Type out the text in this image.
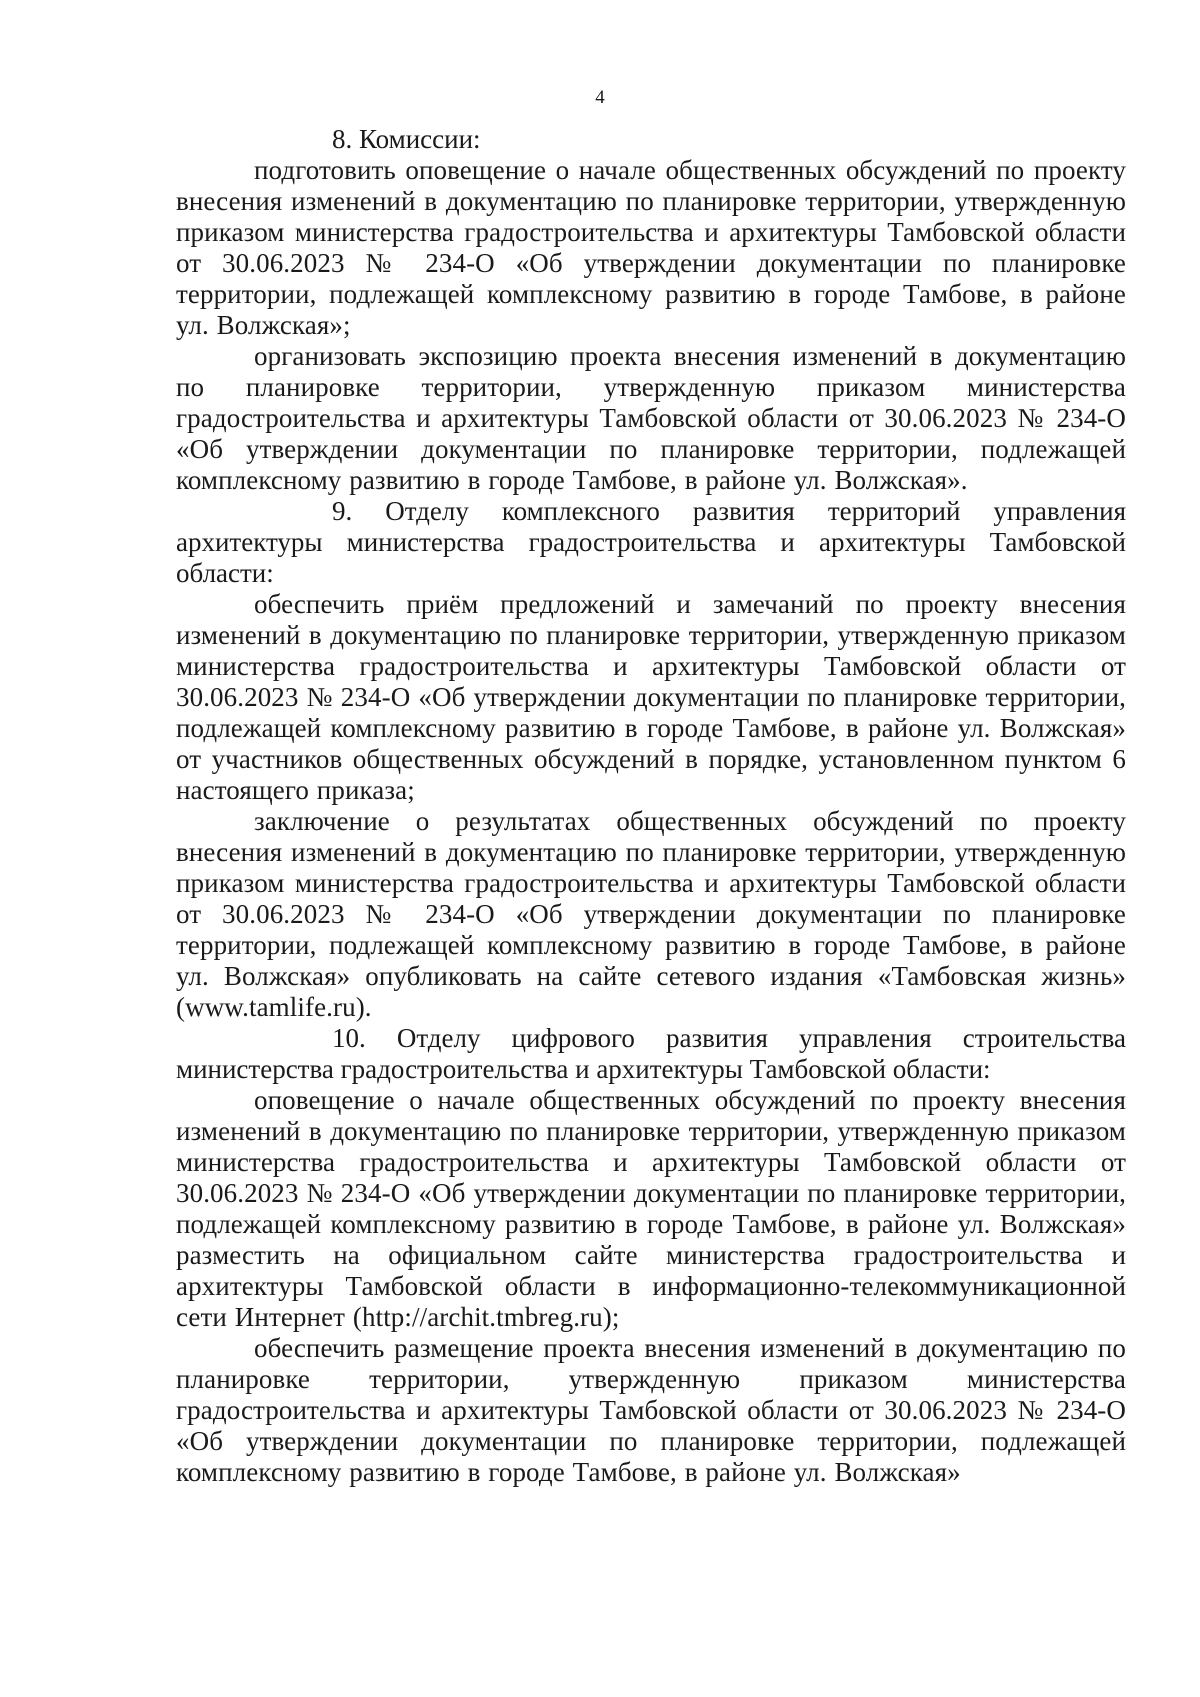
4

8. Комиссии:

подготовить оповещение о начале общественных обсуждений по проекту внесения изменений в документацию по планировке территории, утвержденную приказом министерства градостроительства и архитектуры Тамбовской области от 30.06.2023 № 234-О «Об утверждении документации по планировке территории, подлежащей комплексному развитию в городе Тамбове, в районе ул. Волжская»;

организовать экспозицию проекта внесения изменений в документацию по планировке территории, утвержденную приказом министерства градостроительства и архитектуры Тамбовской области от 30.06.2023 № 234-О «Об утверждении документации по планировке территории, подлежащей комплексному развитию в городе Тамбове, в районе ул. Волжская».

9. Отделу комплексного развития территорий управления архитектуры министерства градостроительства и архитектуры Тамбовской области:

обеспечить приём предложений и замечаний по проекту внесения изменений в документацию по планировке территории, утвержденную приказом министерства градостроительства и архитектуры Тамбовской области от 30.06.2023 № 234-О «Об утверждении документации по планировке территории, подлежащей комплексному развитию в городе Тамбове, в районе ул. Волжская» от участников общественных обсуждений в порядке, установленном пунктом 6 настоящего приказа;

заключение о результатах общественных обсуждений по проекту внесения изменений в документацию по планировке территории, утвержденную приказом министерства градостроительства и архитектуры Тамбовской области от 30.06.2023 № 234-О «Об утверждении документации по планировке территории, подлежащей комплексному развитию в городе Тамбове, в районе ул. Волжская» опубликовать на сайте сетевого издания «Тамбовская жизнь» (www.tamlife.ru).

10. Отделу цифрового развития управления строительства министерства градостроительства и архитектуры Тамбовской области:

оповещение о начале общественных обсуждений по проекту внесения изменений в документацию по планировке территории, утвержденную приказом министерства градостроительства и архитектуры Тамбовской области от 30.06.2023 № 234-О «Об утверждении документации по планировке территории, подлежащей комплексному развитию в городе Тамбове, в районе ул. Волжская» разместить на официальном сайте министерства градостроительства и архитектуры Тамбовской области в информационно-телекоммуникационной сети Интернет (http://archit.tmbreg.ru);

обеспечить размещение проекта внесения изменений в документацию по планировке территории, утвержденную приказом министерства градостроительства и архитектуры Тамбовской области от 30.06.2023 № 234-О «Об утверждении документации по планировке территории, подлежащей комплексному развитию в городе Тамбове, в районе ул. Волжская»
